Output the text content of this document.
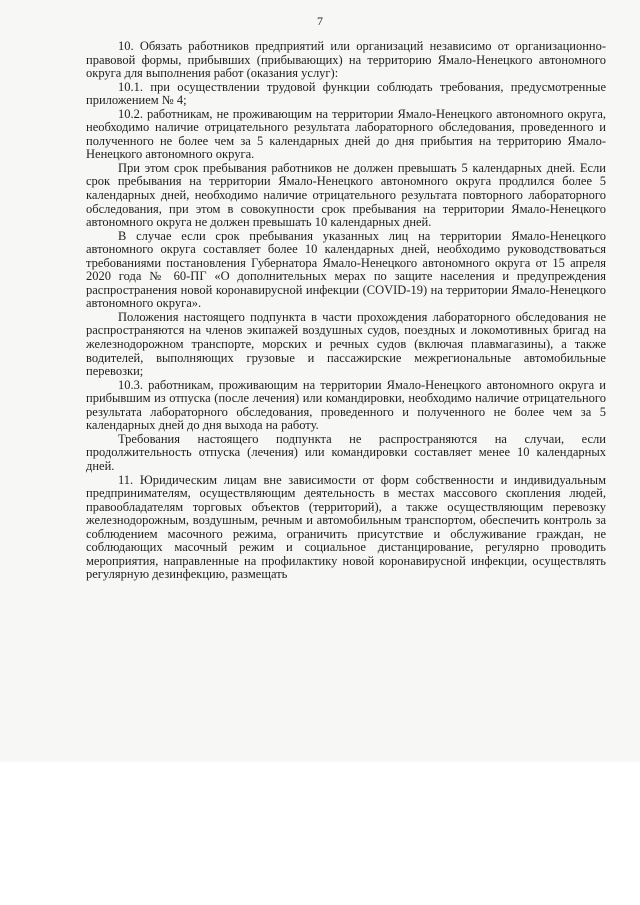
7

10. Обязать работников предприятий или организаций независимо от организационно-правовой формы, прибывших (прибывающих) на территорию Ямало-Ненецкого автономного округа для выполнения работ (оказания услуг):

10.1. при осуществлении трудовой функции соблюдать требования, предусмотренные приложением № 4;

10.2. работникам, не проживающим на территории Ямало-Ненецкого автономного округа, необходимо наличие отрицательного результата лабораторного обследования, проведенного и полученного не более чем за 5 календарных дней до дня прибытия на территорию Ямало-Ненецкого автономного округа.

При этом срок пребывания работников не должен превышать 5 календарных дней. Если срок пребывания на территории Ямало-Ненецкого автономного округа продлился более 5 календарных дней, необходимо наличие отрицательного результата повторного лабораторного обследования, при этом в совокупности срок пребывания на территории Ямало-Ненецкого автономного округа не должен превышать 10 календарных дней.

В случае если срок пребывания указанных лиц на территории Ямало-Ненецкого автономного округа составляет более 10 календарных дней, необходимо руководствоваться требованиями постановления Губернатора Ямало-Ненецкого автономного округа от 15 апреля 2020 года № 60-ПГ «О дополнительных мерах по защите населения и предупреждения распространения новой коронавирусной инфекции (COVID-19) на территории Ямало-Ненецкого автономного округа».

Положения настоящего подпункта в части прохождения лабораторного обследования не распространяются на членов экипажей воздушных судов, поездных и локомотивных бригад на железнодорожном транспорте, морских и речных судов (включая плавмагазины), а также водителей, выполняющих грузовые и пассажирские межрегиональные автомобильные перевозки;

10.3. работникам, проживающим на территории Ямало-Ненецкого автономного округа и прибывшим из отпуска (после лечения) или командировки, необходимо наличие отрицательного результата лабораторного обследования, проведенного и полученного не более чем за 5 календарных дней до дня выхода на работу.

Требования настоящего подпункта не распространяются на случаи, если продолжительность отпуска (лечения) или командировки составляет менее 10 календарных дней.

11. Юридическим лицам вне зависимости от форм собственности и индивидуальным предпринимателям, осуществляющим деятельность в местах массового скопления людей, правообладателям торговых объектов (территорий), а также осуществляющим перевозку железнодорожным, воздушным, речным и автомобильным транспортом, обеспечить контроль за соблюдением масочного режима, ограничить присутствие и обслуживание граждан, не соблюдающих масочный режим и социальное дистанцирование, регулярно проводить мероприятия, направленные на профилактику новой коронавирусной инфекции, осуществлять регулярную дезинфекцию, размещать
